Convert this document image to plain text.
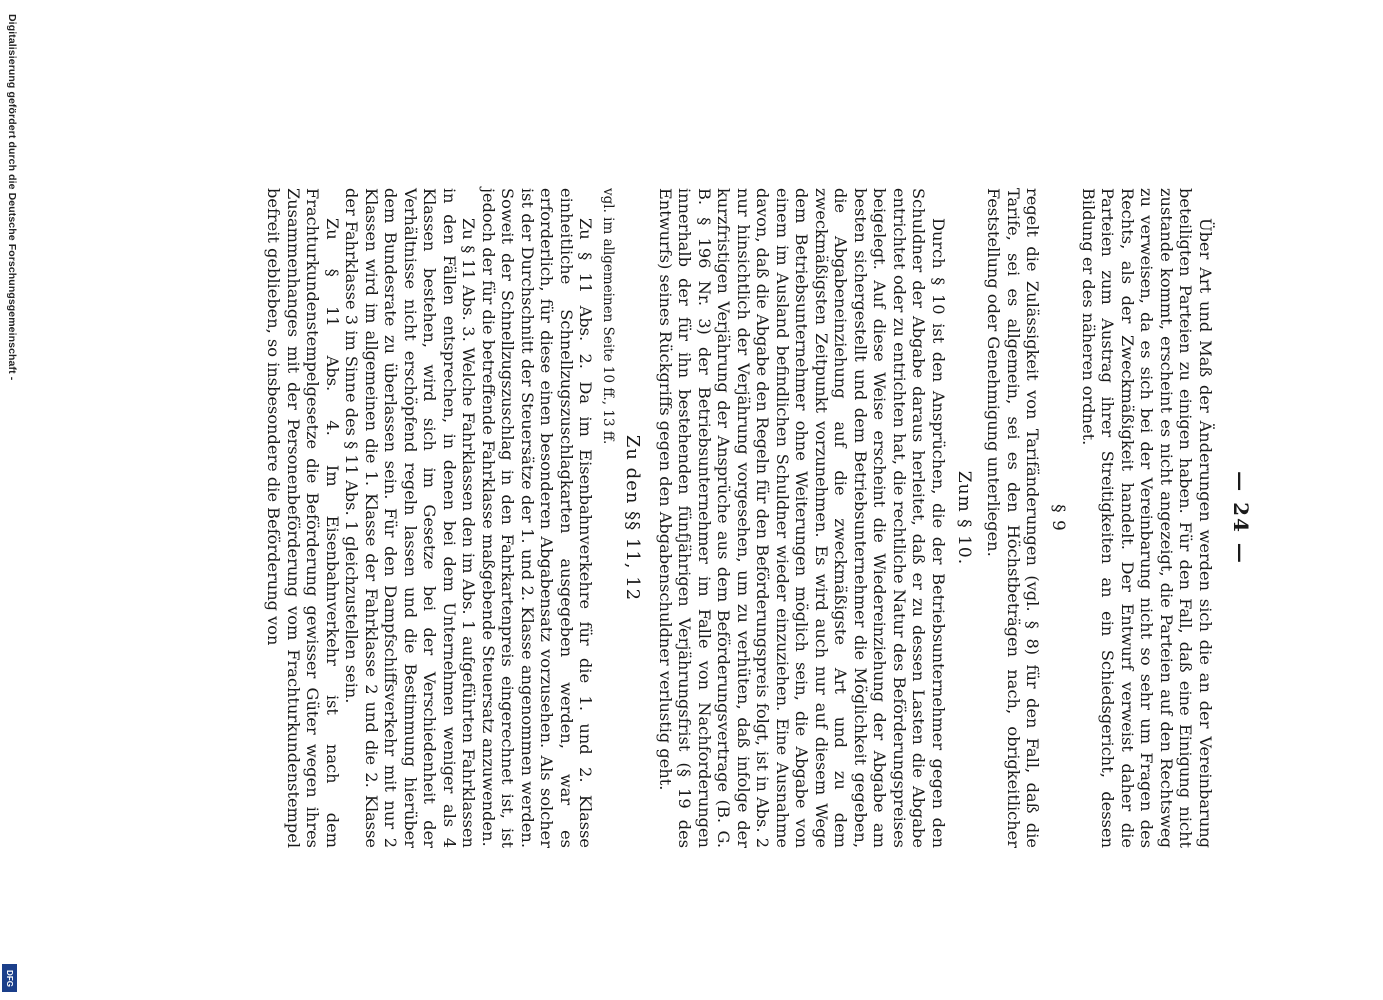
Digitalisierung gefördert durch die Deutsche Forschungsgemeinschaft -
DFG
— 24 —

Über Art und Maß der Änderungen werden sich die an der Vereinbarung beteiligten Parteien zu einigen haben. Für den Fall, daß eine Einigung nicht zustande kommt, erscheint es nicht angezeigt, die Parteien auf den Rechtsweg zu verweisen, da es sich bei der Vereinbarung nicht so sehr um Fragen des Rechts, als der Zweckmäßigkeit handelt. Der Entwurf verweist daher die Parteien zum Austrag ihrer Streitigkeiten an ein Schiedsgericht, dessen Bildung er des näheren ordnet.

§ 9

regelt die Zulässigkeit von Tarifänderungen (vgl. § 8) für den Fall, daß die Tarife, sei es allgemein, sei es den Höchstbeträgen nach, obrigkeitlicher Feststellung oder Genehmigung unterliegen.

Zum § 10.

Durch § 10 ist den Ansprüchen, die der Betriebsunternehmer gegen den Schuldner der Abgabe daraus herleitet, daß er zu dessen Lasten die Abgabe entrichtet oder zu entrichten hat, die rechtliche Natur des Beförderungspreises beigelegt. Auf diese Weise erscheint die Wiedereinziehung der Abgabe am besten sichergestellt und dem Betriebsunternehmer die Möglichkeit gegeben, die Abgabeneinziehung auf die zweckmäßigste Art und zu dem zweckmäßigsten Zeitpunkt vorzunehmen. Es wird auch nur auf diesem Wege dem Betriebsunternehmer ohne Weiterungen möglich sein, die Abgabe von einem im Ausland befindlichen Schuldner wieder einzuziehen. Eine Ausnahme davon, daß die Abgabe den Regeln für den Beförderungspreis folgt, ist in Abs. 2 nur hinsichtlich der Verjährung vorgesehen, um zu verhüten, daß infolge der kurzfristigen Verjährung der Ansprüche aus dem Beförderungsvertrage (B. G. B. § 196 Nr. 3) der Betriebsunternehmer im Falle von Nachforderungen innerhalb der für ihn bestehenden fünfjährigen Verjährungsfrist (§ 19 des Entwurfs) seines Rückgriffs gegen den Abgabenschuldner verlustig geht.

Zu den §§ 11, 12

vgl. im allgemeinen Seite 10 ff., 13 ff.

Zu § 11 Abs. 2. Da im Eisenbahnverkehre für die 1. und 2. Klasse einheitliche Schnellzugszuschlagkarten ausgegeben werden, war es erforderlich, für diese einen besonderen Abgabensatz vorzusehen. Als solcher ist der Durchschnitt der Steuersätze der 1. und 2. Klasse angenommen werden. Soweit der Schnellzugszuschlag in den Fahrkartenpreis eingerechnet ist, ist jedoch der für die betreffende Fahrklasse maßgebende Steuersatz anzuwenden.

Zu § 11 Abs. 3. Welche Fahrklassen den im Abs. 1 aufgeführten Fahrklassen in den Fällen entsprechen, in denen bei dem Unternehmen weniger als 4 Klassen bestehen, wird sich im Gesetze bei der Verschiedenheit der Verhältnisse nicht erschöpfend regeln lassen und die Bestimmung hierüber dem Bundesrate zu überlassen sein. Für den Dampfschiffsverkehr mit nur 2 Klassen wird im allgemeinen die 1. Klasse der Fahrklasse 2 und die 2. Klasse der Fahrklasse 3 im Sinne des § 11 Abs. 1 gleichzustellen sein.

Zu § 11 Abs. 4. Im Eisenbahnverkehr ist nach dem Frachturkundenstempelgesetze die Beförderung gewisser Güter wegen ihres Zusammenhanges mit der Personenbeförderung vom Frachturkundenstempel befreit geblieben, so insbesondere die Beförderung von
